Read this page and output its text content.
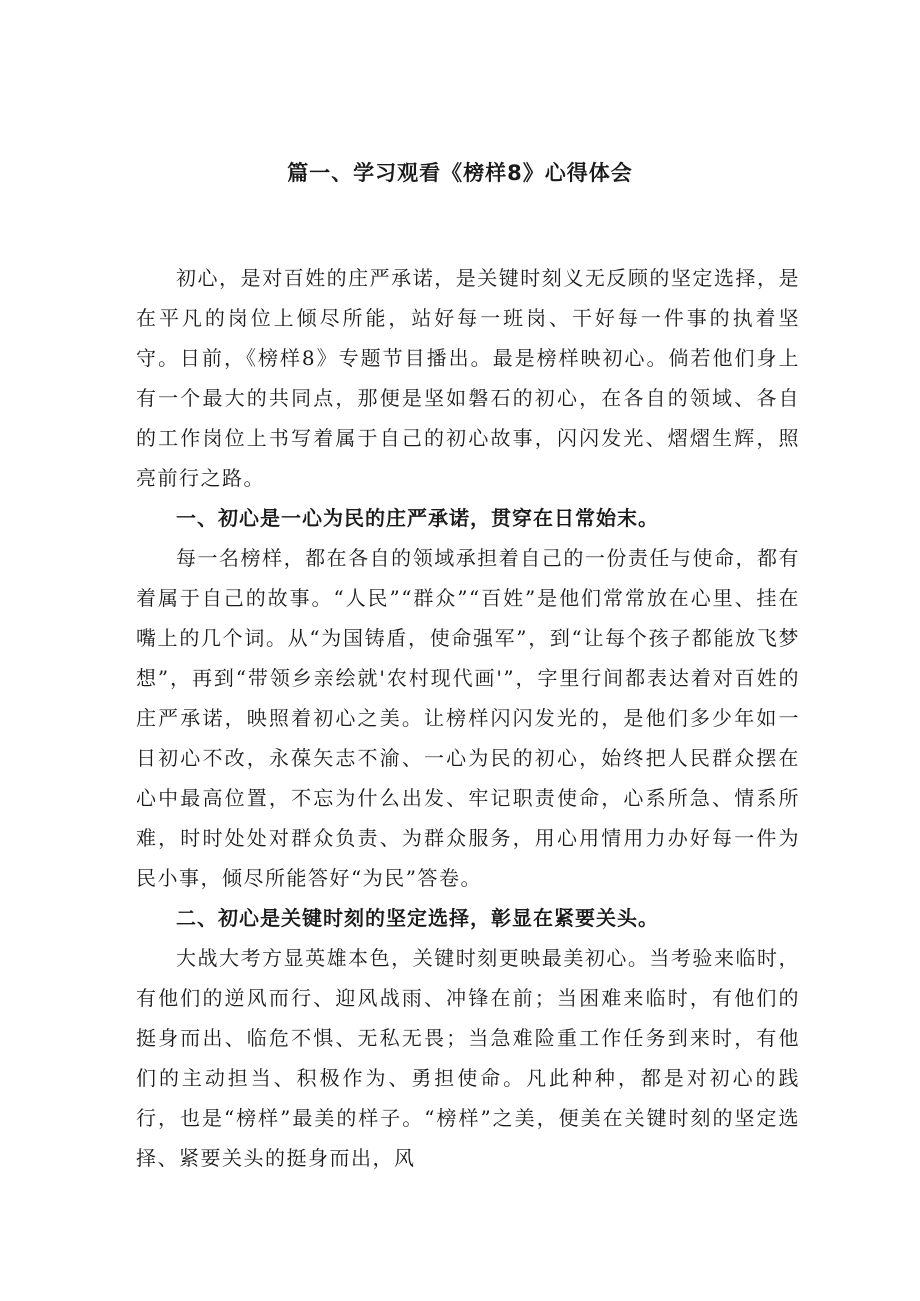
篇一、学习观看《榜样8》心得体会

初心，是对百姓的庄严承诺，是关键时刻义无反顾的坚定选择，是在平凡的岗位上倾尽所能，站好每一班岗、干好每一件事的执着坚守。日前，《榜样8》专题节目播出。最是榜样映初心。倘若他们身上有一个最大的共同点，那便是坚如磐石的初心，在各自的领域、各自的工作岗位上书写着属于自己的初心故事，闪闪发光、熠熠生辉，照亮前行之路。

一、初心是一心为民的庄严承诺，贯穿在日常始末。

每一名榜样，都在各自的领域承担着自己的一份责任与使命，都有着属于自己的故事。“人民”“群众”“百姓”是他们常常放在心里、挂在嘴上的几个词。从“为国铸盾，使命强军”，到“让每个孩子都能放飞梦想”，再到“带领乡亲绘就'农村现代画'”，字里行间都表达着对百姓的庄严承诺，映照着初心之美。让榜样闪闪发光的，是他们多少年如一日初心不改，永葆矢志不渝、一心为民的初心，始终把人民群众摆在心中最高位置，不忘为什么出发、牢记职责使命，心系所急、情系所难，时时处处对群众负责、为群众服务，用心用情用力办好每一件为民小事，倾尽所能答好“为民”答卷。

二、初心是关键时刻的坚定选择，彰显在紧要关头。

大战大考方显英雄本色，关键时刻更映最美初心。当考验来临时，有他们的逆风而行、迎风战雨、冲锋在前；当困难来临时，有他们的挺身而出、临危不惧、无私无畏；当急难险重工作任务到来时，有他们的主动担当、积极作为、勇担使命。凡此种种，都是对初心的践行，也是“榜样”最美的样子。“榜样”之美，便美在关键时刻的坚定选择、紧要关头的挺身而出，风
